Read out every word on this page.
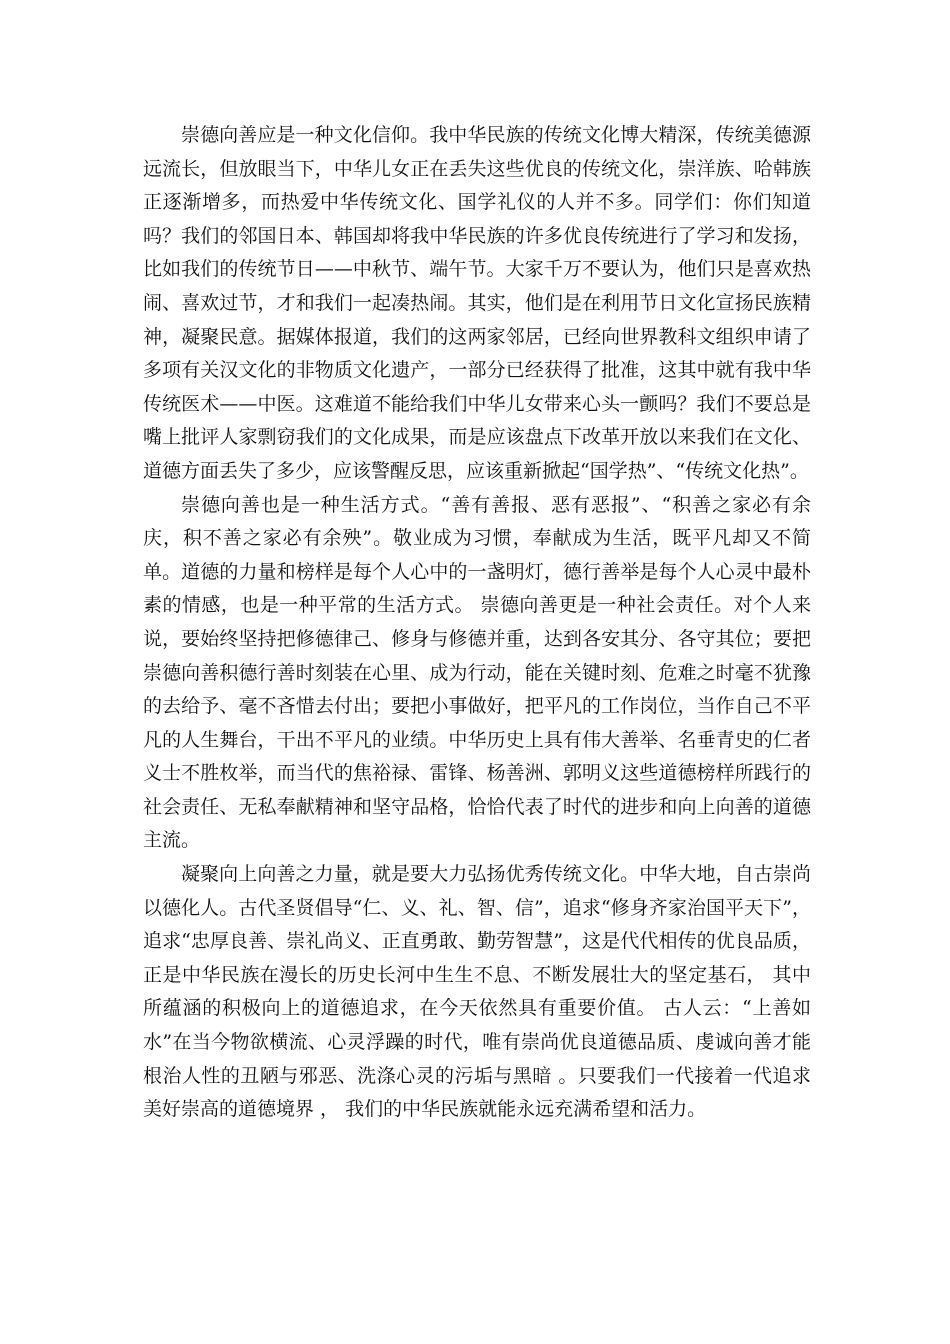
崇德向善应是一种文化信仰。我中华民族的传统文化博大精深，传统美德源远流长，但放眼当下，中华儿女正在丢失这些优良的传统文化，崇洋族、哈韩族正逐渐增多，而热爱中华传统文化、国学礼仪的人并不多。同学们：你们知道吗？我们的邻国日本、韩国却将我中华民族的许多优良传统进行了学习和发扬，比如我们的传统节日——中秋节、端午节。大家千万不要认为，他们只是喜欢热闹、喜欢过节，才和我们一起凑热闹。其实，他们是在利用节日文化宣扬民族精神，凝聚民意。据媒体报道，我们的这两家邻居，已经向世界教科文组织申请了多项有关汉文化的非物质文化遗产，一部分已经获得了批准，这其中就有我中华传统医术——中医。这难道不能给我们中华儿女带来心头一颤吗？我们不要总是嘴上批评人家剽窃我们的文化成果，而是应该盘点下改革开放以来我们在文化、道德方面丢失了多少，应该警醒反思，应该重新掀起“国学热”、“传统文化热”。

崇德向善也是一种生活方式。“善有善报、恶有恶报”、“积善之家必有余庆，积不善之家必有余殃”。敬业成为习惯，奉献成为生活，既平凡却又不简单。道德的力量和榜样是每个人心中的一盏明灯，德行善举是每个人心灵中最朴素的情感，也是一种平常的生活方式。 崇德向善更是一种社会责任。对个人来说，要始终坚持把修德律己、修身与修德并重，达到各安其分、各守其位；要把崇德向善积德行善时刻装在心里、成为行动，能在关键时刻、危难之时毫不犹豫的去给予、毫不吝惜去付出；要把小事做好，把平凡的工作岗位，当作自己不平凡的人生舞台，干出不平凡的业绩。中华历史上具有伟大善举、名垂青史的仁者义士不胜枚举，而当代的焦裕禄、雷锋、杨善洲、郭明义这些道德榜样所践行的社会责任、无私奉献精神和坚守品格，恰恰代表了时代的进步和向上向善的道德主流。

凝聚向上向善之力量，就是要大力弘扬优秀传统文化。中华大地，自古崇尚以德化人。古代圣贤倡导“仁、义、礼、智、信”，追求“修身齐家治国平天下”，追求“忠厚良善、崇礼尚义、正直勇敢、勤劳智慧”，这是代代相传的优良品质，正是中华民族在漫长的历史长河中生生不息、不断发展壮大的坚定基石， 其中所蕴涵的积极向上的道德追求，在今天依然具有重要价值。 古人云：“上善如水”在当今物欲横流、心灵浮躁的时代，唯有崇尚优良道德品质、虔诚向善才能根治人性的丑陋与邪恶、洗涤心灵的污垢与黑暗 。只要我们一代接着一代追求美好崇高的道德境界 ， 我们的中华民族就能永远充满希望和活力。
